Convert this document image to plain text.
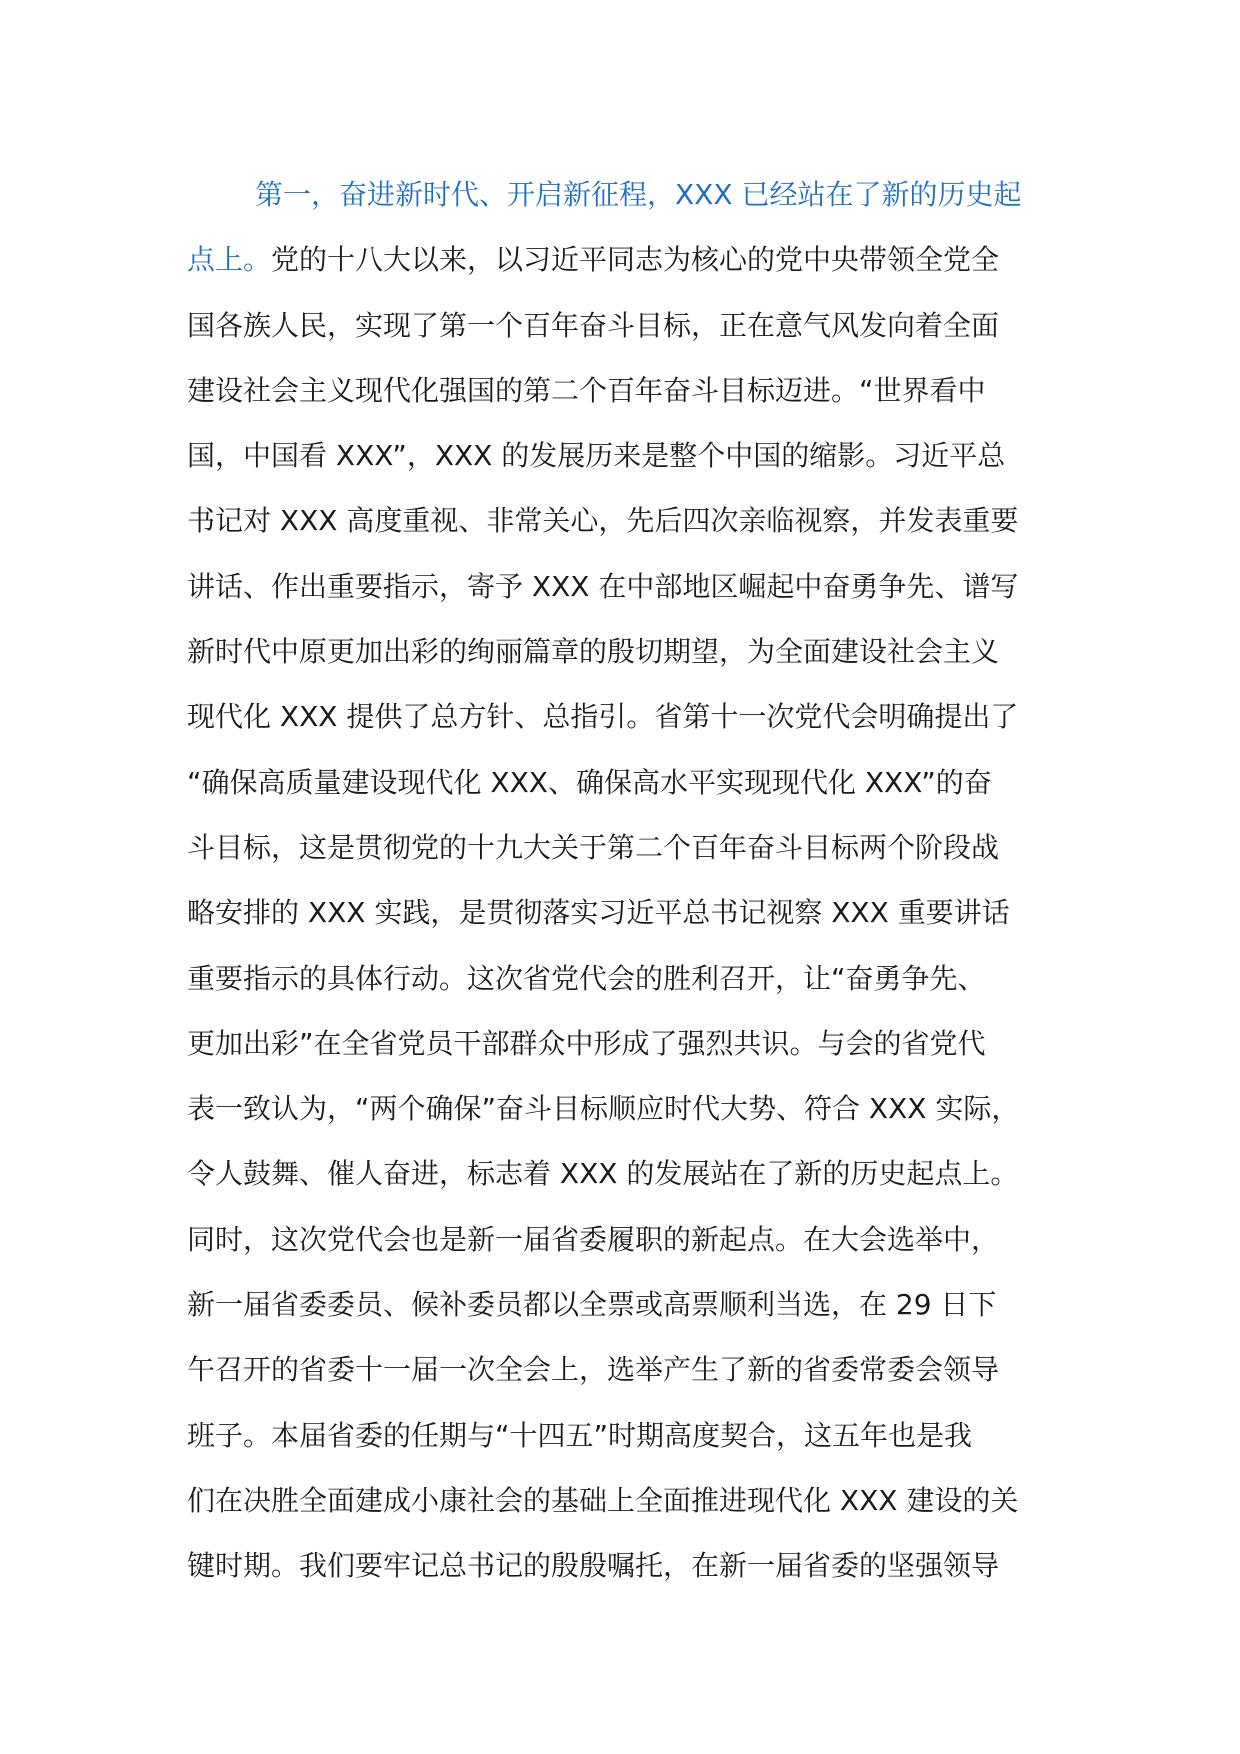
第一，奋进新时代、开启新征程，XXX 已经站在了新的历史起
点上。党的十八大以来，以习近平同志为核心的党中央带领全党全
国各族人民，实现了第一个百年奋斗目标，正在意气风发向着全面
建设社会主义现代化强国的第二个百年奋斗目标迈进。“世界看中
国，中国看 XXX”，XXX 的发展历来是整个中国的缩影。习近平总
书记对 XXX 高度重视、非常关心，先后四次亲临视察，并发表重要
讲话、作出重要指示，寄予 XXX 在中部地区崛起中奋勇争先、谱写
新时代中原更加出彩的绚丽篇章的殷切期望，为全面建设社会主义
现代化 XXX 提供了总方针、总指引。省第十一次党代会明确提出了
“确保高质量建设现代化 XXX、确保高水平实现现代化 XXX”的奋
斗目标，这是贯彻党的十九大关于第二个百年奋斗目标两个阶段战
略安排的 XXX 实践，是贯彻落实习近平总书记视察 XXX 重要讲话
重要指示的具体行动。这次省党代会的胜利召开，让“奋勇争先、
更加出彩”在全省党员干部群众中形成了强烈共识。与会的省党代
表一致认为，“两个确保”奋斗目标顺应时代大势、符合 XXX 实际，
令人鼓舞、催人奋进，标志着 XXX 的发展站在了新的历史起点上。
同时，这次党代会也是新一届省委履职的新起点。在大会选举中，
新一届省委委员、候补委员都以全票或高票顺利当选，在 29 日下
午召开的省委十一届一次全会上，选举产生了新的省委常委会领导
班子。本届省委的任期与“十四五”时期高度契合，这五年也是我
们在决胜全面建成小康社会的基础上全面推进现代化 XXX 建设的关
键时期。我们要牢记总书记的殷殷嘱托，在新一届省委的坚强领导
